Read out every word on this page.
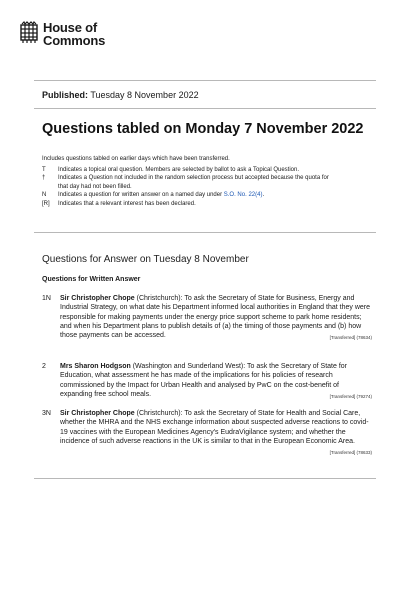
House of
Commons
Published: Tuesday 8 November 2022
Questions tabled on Monday 7 November 2022
Includes questions tabled on earlier days which have been transferred.
T	Indicates a topical oral question. Members are selected by ballot to ask a Topical Question.
†	Indicates a Question not included in the random selection process but accepted because the quota for that day had not been filled.
N	Indicates a question for written answer on a named day under S.O. No. 22(4).
[R]	Indicates that a relevant interest has been declared.
Questions for Answer on Tuesday 8 November
Questions for Written Answer
1N	Sir Christopher Chope (Christchurch): To ask the Secretary of State for Business, Energy and Industrial Strategy, on what date his Department informed local authorities in England that they were responsible for making payments under the energy price support scheme to park home residents; and when his Department plans to publish details of (a) the timing of those payments and (b) how those payments can be accessed.	[Transferred] (78634)
2	Mrs Sharon Hodgson (Washington and Sunderland West): To ask the Secretary of State for Education, what assessment he has made of the implications for his policies of research commissioned by the Impact for Urban Health and analysed by PwC on the cost-benefit of expanding free school meals.	[Transferred] (79274)
3N	Sir Christopher Chope (Christchurch): To ask the Secretary of State for Health and Social Care, whether the MHRA and the NHS exchange information about suspected adverse reactions to covid-19 vaccines with the European Medicines Agency's EudraVigilance system; and whether the incidence of such adverse reactions in the UK is similar to that in the European Economic Area.
[Transferred] (78633)
